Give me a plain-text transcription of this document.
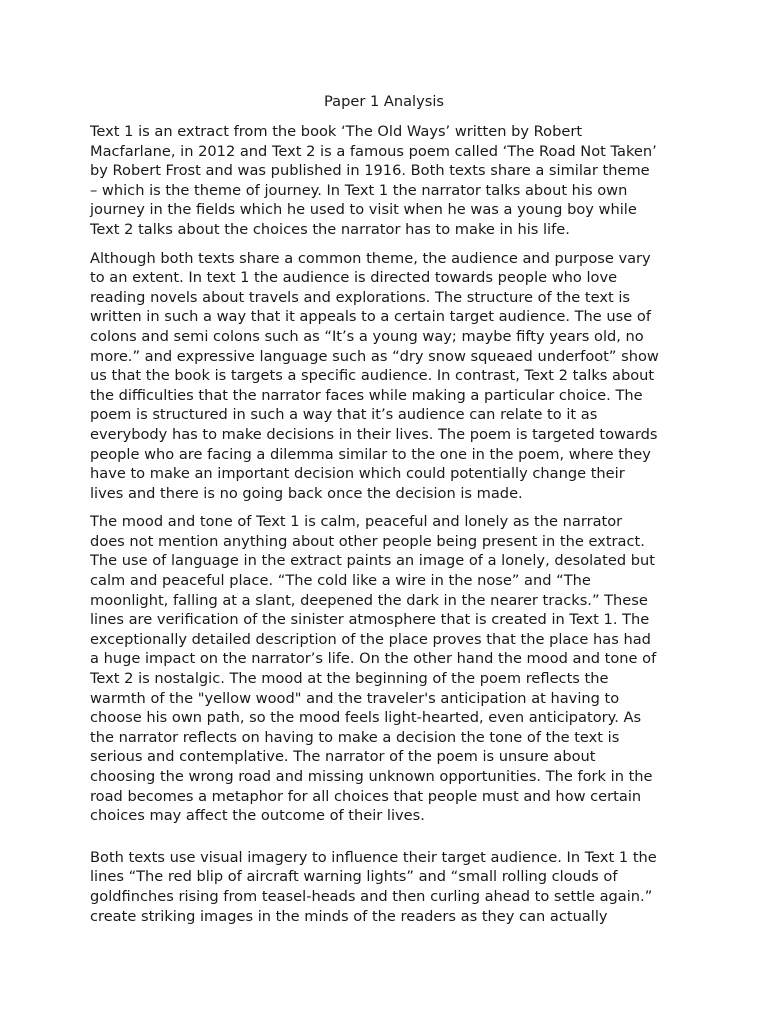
Paper 1 Analysis

Text 1 is an extract from the book ‘The Old Ways’ written by Robert
Macfarlane, in 2012 and Text 2 is a famous poem called ‘The Road Not Taken’
by Robert Frost and was published in 1916. Both texts share a similar theme
– which is the theme of journey. In Text 1 the narrator talks about his own
journey in the fields which he used to visit when he was a young boy while
Text 2 talks about the choices the narrator has to make in his life.

Although both texts share a common theme, the audience and purpose vary
to an extent. In text 1 the audience is directed towards people who love
reading novels about travels and explorations. The structure of the text is
written in such a way that it appeals to a certain target audience. The use of
colons and semi colons such as “It’s a young way; maybe fifty years old, no
more.” and expressive language such as “dry snow squeaed underfoot” show
us that the book is targets a specific audience. In contrast, Text 2 talks about
the difficulties that the narrator faces while making a particular choice. The
poem is structured in such a way that it’s audience can relate to it as
everybody has to make decisions in their lives. The poem is targeted towards
people who are facing a dilemma similar to the one in the poem, where they
have to make an important decision which could potentially change their
lives and there is no going back once the decision is made.

The mood and tone of Text 1 is calm, peaceful and lonely as the narrator
does not mention anything about other people being present in the extract.
The use of language in the extract paints an image of a lonely, desolated but
calm and peaceful place. “The cold like a wire in the nose” and “The
moonlight, falling at a slant, deepened the dark in the nearer tracks.” These
lines are verification of the sinister atmosphere that is created in Text 1. The
exceptionally detailed description of the place proves that the place has had
a huge impact on the narrator’s life. On the other hand the mood and tone of
Text 2 is nostalgic. The mood at the beginning of the poem reflects the
warmth of the "yellow wood" and the traveler's anticipation at having to
choose his own path, so the mood feels light-hearted, even anticipatory. As
the narrator reflects on having to make a decision the tone of the text is
serious and contemplative. The narrator of the poem is unsure about
choosing the wrong road and missing unknown opportunities. The fork in the
road becomes a metaphor for all choices that people must and how certain
choices may affect the outcome of their lives.

Both texts use visual imagery to influence their target audience. In Text 1 the
lines “The red blip of aircraft warning lights” and “small rolling clouds of
goldfinches rising from teasel-heads and then curling ahead to settle again.”
create striking images in the minds of the readers as they can actually
